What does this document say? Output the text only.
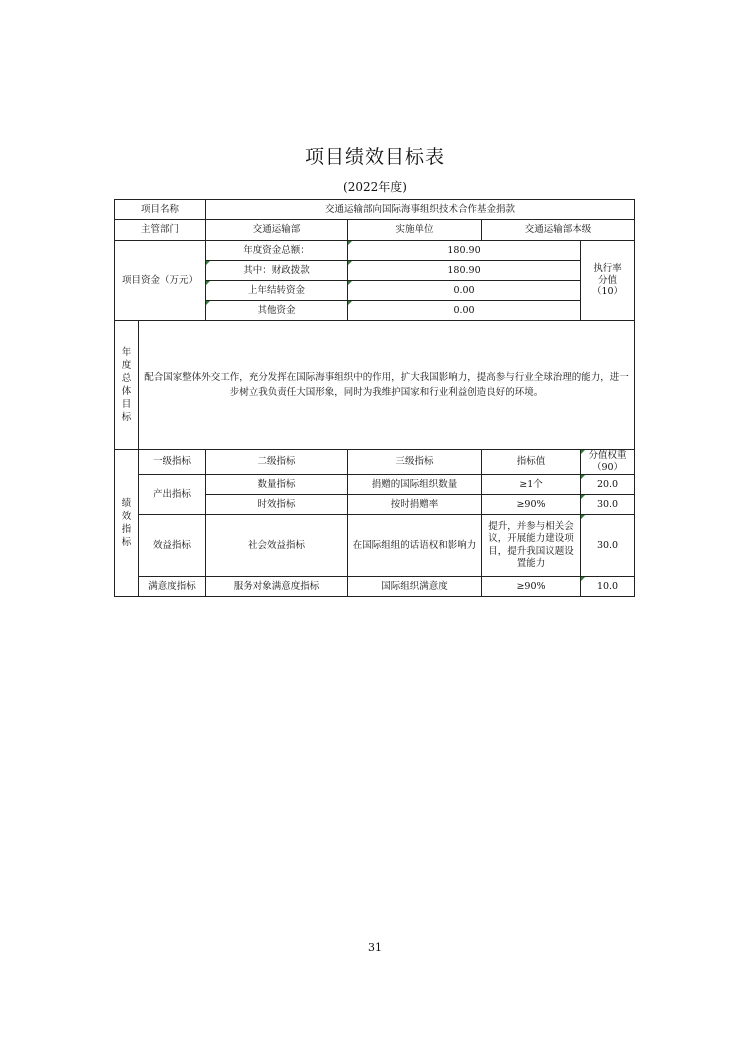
项目绩效目标表
(2022年度)
项目名称		交通运输部向国际海事组织技术合作基金捐款			
主管部门		交通运输部	实施单位	交通运输部本级	
项目资金（万元）		年度资金总额：	180.90		执行率
分值
（10）

		其中：财政拨款	180.90		
		上年结转资金	0.00		
		其他资金	0.00		
年度总体目标	配合国家整体外交工作，充分发挥在国际海事组织中的作用，扩大我国影响力，提高参与行业全球治理的能力，进一步树立我负责任大国形象，同时为我维护国家和行业利益创造良好的环境。				
绩效指标	一级指标	二级指标	三级指标	指标值	分值权重（90）
	产出指标	数量指标	捐赠的国际组织数量	≥1个	20.0
		时效指标	按时捐赠率	≥90%	30.0
	效益指标	社会效益指标	在国际组组的话语权和影响力	提升，并参与相关会议，开展能力建设项目，提升我国议题设置能力	30.0
	满意度指标	服务对象满意度指标	国际组织满意度	≥90%	10.0
31
